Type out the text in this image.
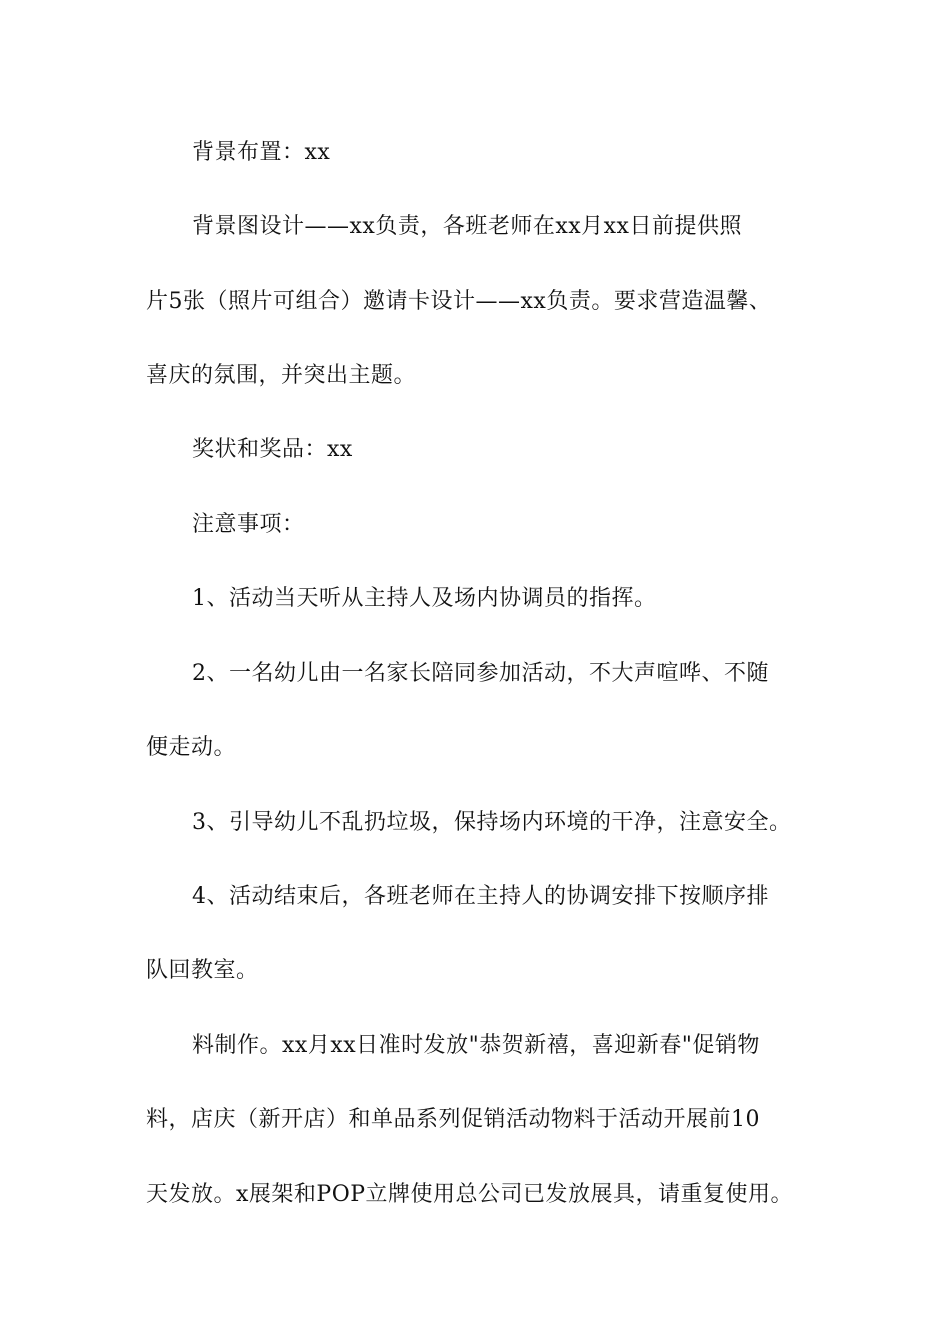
背景布置：xx
背景图设计——xx负责，各班老师在xx月xx日前提供照
片5张（照片可组合）邀请卡设计——xx负责。要求营造温馨、
喜庆的氛围，并突出主题。
奖状和奖品：xx
注意事项：
1、活动当天听从主持人及场内协调员的指挥。
2、一名幼儿由一名家长陪同参加活动，不大声喧哗、不随
便走动。
3、引导幼儿不乱扔垃圾，保持场内环境的干净，注意安全。
4、活动结束后，各班老师在主持人的协调安排下按顺序排
队回教室。
料制作。xx月xx日准时发放"恭贺新禧，喜迎新春"促销物
料，店庆（新开店）和单品系列促销活动物料于活动开展前10
天发放。x展架和POP立牌使用总公司已发放展具，请重复使用。
